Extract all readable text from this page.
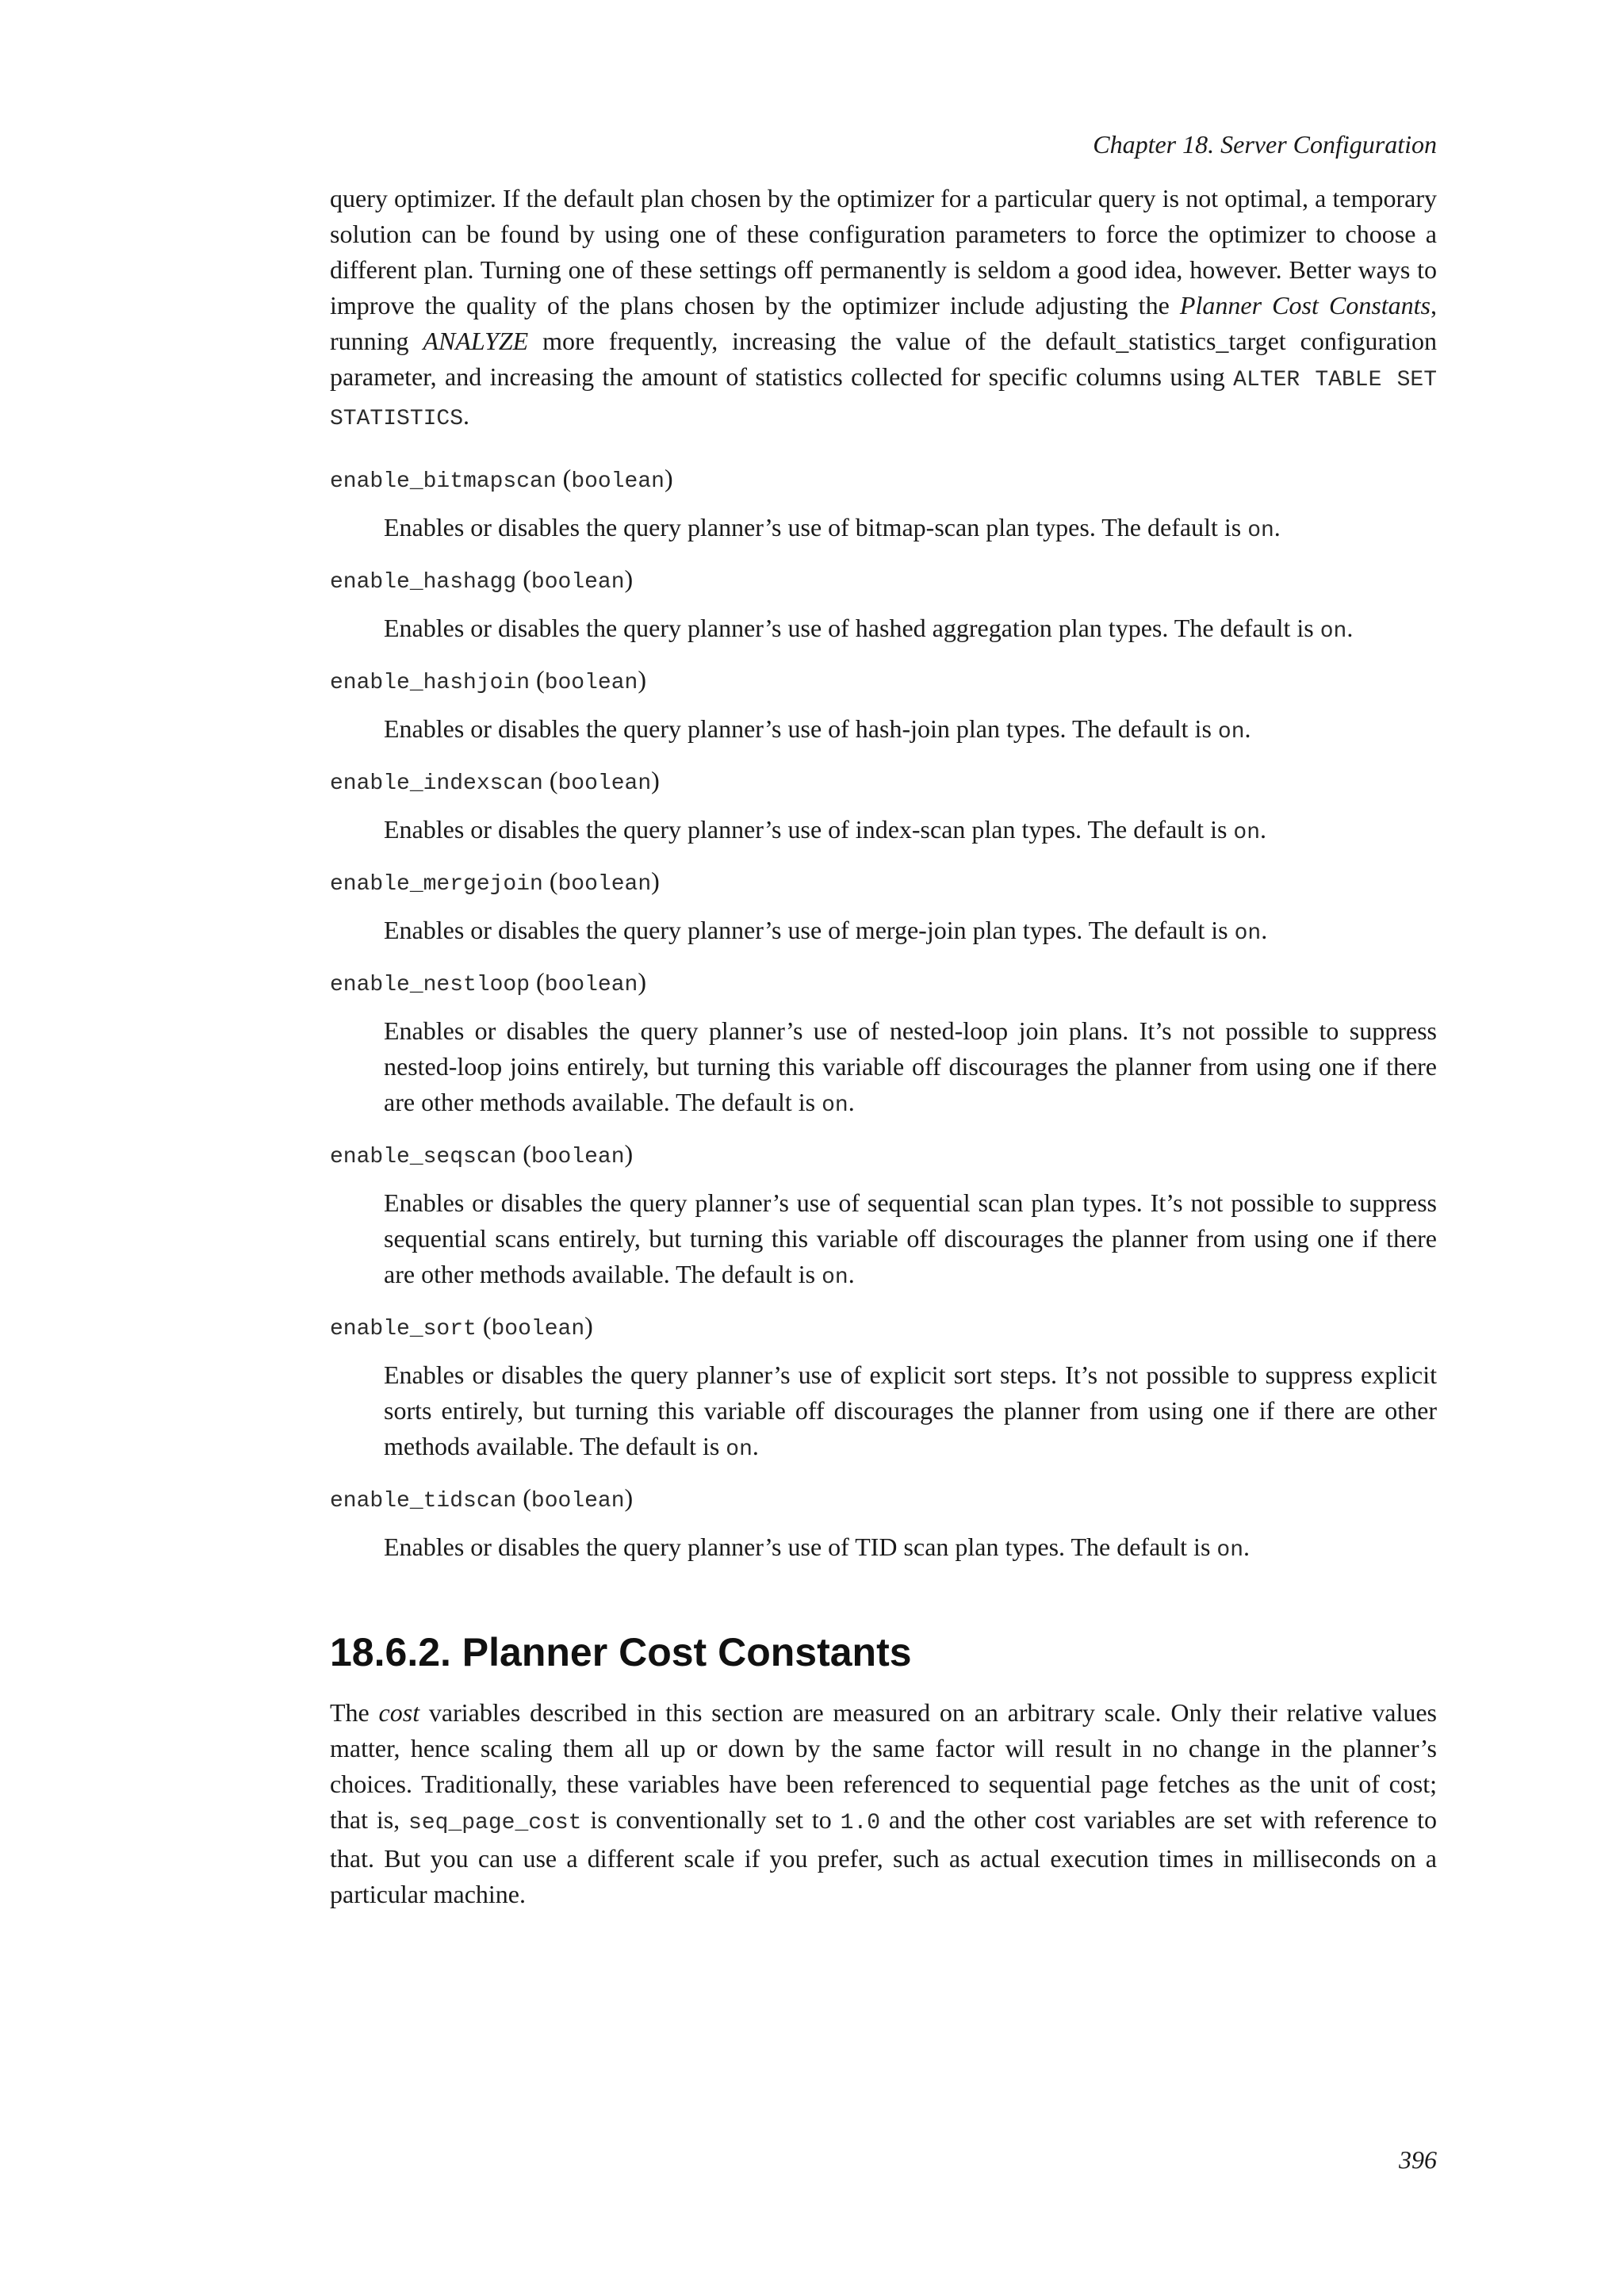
Chapter 18. Server Configuration

query optimizer. If the default plan chosen by the optimizer for a particular query is not optimal, a temporary solution can be found by using one of these configuration parameters to force the optimizer to choose a different plan. Turning one of these settings off permanently is seldom a good idea, however. Better ways to improve the quality of the plans chosen by the optimizer include adjusting the Planner Cost Constants, running ANALYZE more frequently, increasing the value of the default_statistics_target configuration parameter, and increasing the amount of statistics collected for specific columns using ALTER TABLE SET STATISTICS.

enable_bitmapscan (boolean)
Enables or disables the query planner’s use of bitmap-scan plan types. The default is on.
enable_hashagg (boolean)
Enables or disables the query planner’s use of hashed aggregation plan types. The default is on.
enable_hashjoin (boolean)
Enables or disables the query planner’s use of hash-join plan types. The default is on.
enable_indexscan (boolean)
Enables or disables the query planner’s use of index-scan plan types. The default is on.
enable_mergejoin (boolean)
Enables or disables the query planner’s use of merge-join plan types. The default is on.
enable_nestloop (boolean)
Enables or disables the query planner’s use of nested-loop join plans. It’s not possible to suppress nested-loop joins entirely, but turning this variable off discourages the planner from using one if there are other methods available. The default is on.
enable_seqscan (boolean)
Enables or disables the query planner’s use of sequential scan plan types. It’s not possible to suppress sequential scans entirely, but turning this variable off discourages the planner from using one if there are other methods available. The default is on.
enable_sort (boolean)
Enables or disables the query planner’s use of explicit sort steps. It’s not possible to suppress explicit sorts entirely, but turning this variable off discourages the planner from using one if there are other methods available. The default is on.
enable_tidscan (boolean)
Enables or disables the query planner’s use of TID scan plan types. The default is on.
18.6.2. Planner Cost Constants

The cost variables described in this section are measured on an arbitrary scale. Only their relative values matter, hence scaling them all up or down by the same factor will result in no change in the planner’s choices. Traditionally, these variables have been referenced to sequential page fetches as the unit of cost; that is, seq_page_cost is conventionally set to 1.0 and the other cost variables are set with reference to that. But you can use a different scale if you prefer, such as actual execution times in milliseconds on a particular machine.

396
